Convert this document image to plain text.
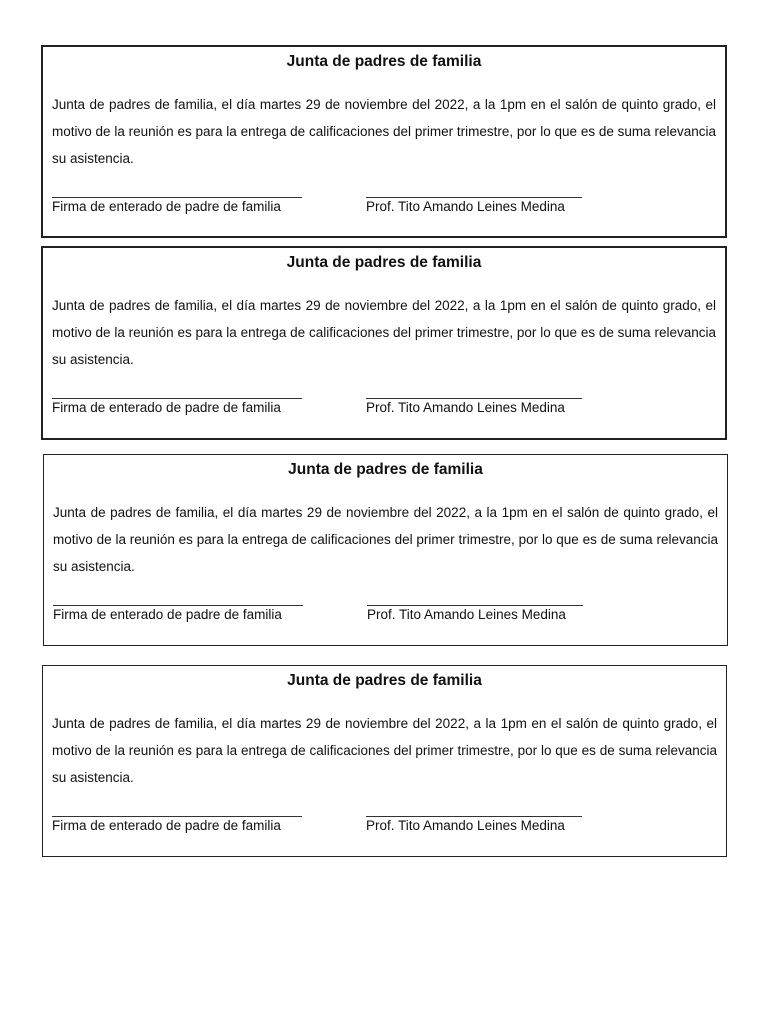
Junta de padres de familia

Junta de padres de familia, el día martes 29 de noviembre del 2022, a la 1pm en el salón de quinto grado, el motivo de la reunión es para la entrega de calificaciones del primer trimestre, por lo que es de suma relevancia su asistencia.

Firma de enterado de padre de familia	Prof. Tito Amando Leines Medina
Junta de padres de familia

Junta de padres de familia, el día martes 29 de noviembre del 2022, a la 1pm en el salón de quinto grado, el motivo de la reunión es para la entrega de calificaciones del primer trimestre, por lo que es de suma relevancia su asistencia.

Firma de enterado de padre de familia	Prof. Tito Amando Leines Medina
Junta de padres de familia

Junta de padres de familia, el día martes 29 de noviembre del 2022, a la 1pm en el salón de quinto grado, el motivo de la reunión es para la entrega de calificaciones del primer trimestre, por lo que es de suma relevancia su asistencia.

Firma de enterado de padre de familia	Prof. Tito Amando Leines Medina
Junta de padres de familia

Junta de padres de familia, el día martes 29 de noviembre del 2022, a la 1pm en el salón de quinto grado, el motivo de la reunión es para la entrega de calificaciones del primer trimestre, por lo que es de suma relevancia su asistencia.

Firma de enterado de padre de familia	Prof. Tito Amando Leines Medina
